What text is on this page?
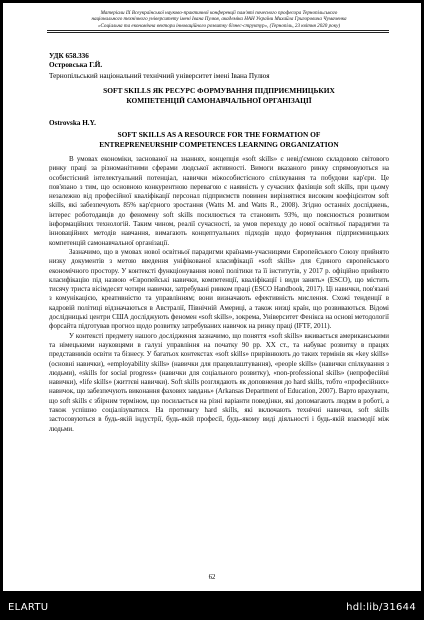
Матеріали IX Всеукраїнської науково-практичної конференції пам'яті почесного професора Тернопільського
національного технічного університету імені Івана Пулюя, академіка НАН України Михайла Григоровича Чумаченка
«Соціальна та економічна вектори інноваційного розвитку бізнес-структур», (Тернопіль, 23 квітня 2020 року)
УДК 658.336
Островська Г.Й.
Тернопільський національний технічний університет імені Івана Пулюя
SOFT SKILLS ЯК РЕСУРС ФОРМУВАННЯ ПІДПРИЄМНИЦЬКИХ
КОМПЕТЕНЦІЙ САМОНАВЧАЛЬНОЇ ОРГАНІЗАЦІЇ
Ostrovska H.Y.
SOFT SKILLS AS A RESOURCE FOR THE FORMATION OF
ENTREPRENEURSHIP COMPETENCES LEARNING ORGANIZATION

В умовах економіки, заснованої на знаннях, концепція «soft skills» є невід'ємною складовою світового ринку праці за різноманітними сферами людської активності. Вимоги вказаного ринку спрямовуються на особистісний інтелектуальний потенціал, навички міжособистісного спілкування та побудови кар'єри. Це пов'язано з тим, що основною конкурентною перевагою є наявність у сучасних фахівців soft skills, при цьому незалежно від професійної кваліфікації персонал підприємств повинен вирізнятися високим коефіцієнтом soft skills, які забезпечують 85% кар'єрного зростання (Watts M. and Watts R., 2008). Згідно останніх досліджень, інтерес роботодавців до феномену soft skills посилюється та становить 93%, що пояснюється розвитком інформаційних технологій. Таким чином, реалії сучасності, за умов переходу до нової освітньої парадигми та інноваційних методів навчання, вимагають концептуальних підходів щодо формування підприємницьких компетенцій самонавчальної організації.

Зазначимо, що в умовах нової освітньої парадигми країнами-учасницями Європейського Союзу прийнято низку документів з метою введення уніфікованої класифікації «soft skills» для Єдиного європейського економічного простору. У контексті функціонування нової політики та її інститутів, у 2017 р. офіційно прийнято класифікацію під назвою «Європейські навички, компетенції, кваліфікації і види занять» (ESCO), що містить тисячу триста вісімдесят чотири навички, затребувані ринком праці (ESCO Handbook, 2017). Ці навички, пов'язані з комунікацією, креативністю та управлінням; вони визначають ефективність мислення. Схожі тенденції в кадровій політиці відзначаються в Австралії, Північній Америці, а також низці країн, що розвиваються. Відомі дослідницькі центри США досліджують феномен «soft skills», зокрема, Університет Феніксa на основі методології форсайта підготував прогноз щодо розвитку затребуваних навичок на ринку праці (IFTF, 2011).

У контексті предмету нашого дослідження зазначимо, що поняття «soft skills» вживається американськими та німецькими науковцями в галузі управління на початку 90 рр. XX ст., та набуває розвитку в працях представників освіти та бізнесу. У багатьох контекстах «soft skills» прирівнюють до таких термінів як «key skills» (основні навички), «employability skills» (навички для працевлаштування), «people skills» (навички спілкування з людьми), «skills for social progress» (навички для соціального розвитку), «non-professional skills» (непрофесійні навички), «life skills» (життєві навички). Soft skills розглядають як доповнення до hard skills, тобто «професійних» навичок, що забезпечують виконання фахових завдань» (Arkansas Department of Education, 2007). Варто врахувати, що soft skills є збірним терміном, що посилається на різні варіанти поведінки, які допомагають людям в роботі, а також успішно соціалізуватися. На противагу hard skills, які включають технічні навички, soft skills застосовуються в будь-якій індустрії, будь-якій професії, будь-якому виді діяльності і будь-якій взаємодії між людьми.

62
ELARTU	hdl:lib/31644
